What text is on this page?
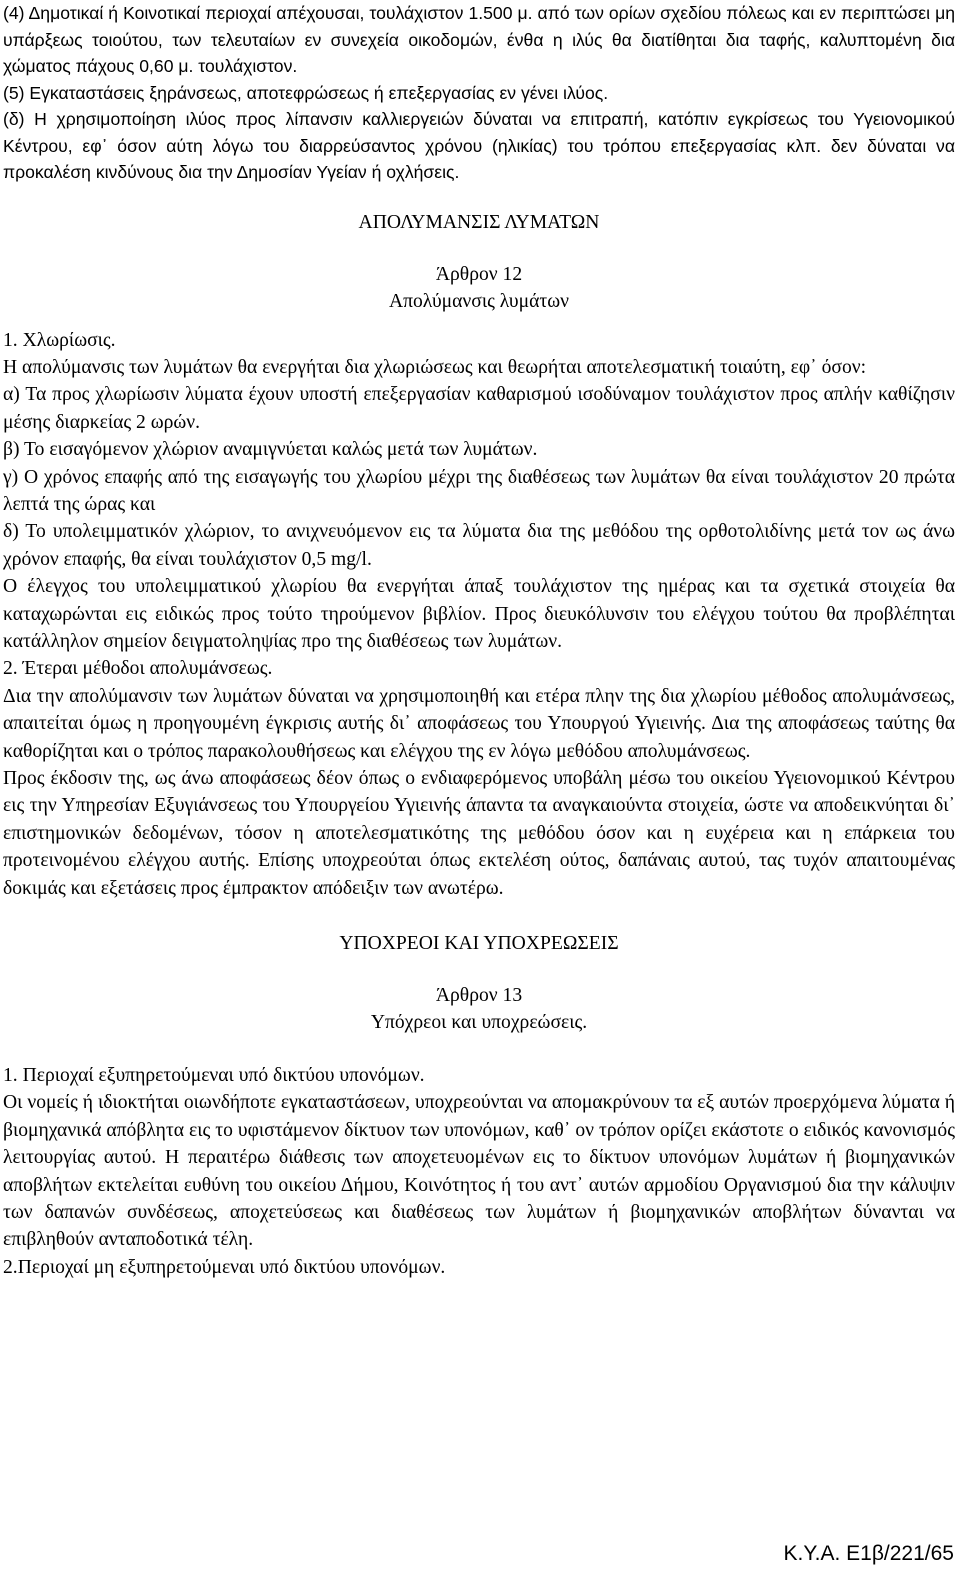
(4) Δημοτικαί ή Κοινοτικαί περιοχαί απέχουσαι, τουλάχιστον 1.500 μ. από των ορίων σχεδίου πόλεως και εν περιπτώσει μη υπάρξεως τοιούτου, των τελευταίων εν συνεχεία οικοδομών, ένθα η ιλύς θα διατίθηται δια ταφής, καλυπτομένη δια χώματος πάχους 0,60 μ. τουλάχιστον.

(5) Εγκαταστάσεις ξηράνσεως, αποτεφρώσεως ή επεξεργασίας εν γένει ιλύος.

(δ) Η χρησιμοποίηση ιλύος προς λίπανσιν καλλιεργειών δύναται να επιτραπή, κατόπιν εγκρίσεως του Υγειονομικού Κέντρου, εφ᾽ όσον αύτη λόγω του διαρρεύσαντος χρόνου (ηλικίας) του τρόπου επεξεργασίας κλπ. δεν δύναται να προκαλέση κινδύνους δια την Δημοσίαν Υγείαν ή οχλήσεις.

ΑΠΟΛΥΜΑΝΣΙΣ ΛΥΜΑΤΩΝ
Άρθρον 12
Απολύμανσις λυμάτων

1. Χλωρίωσις.

Η απολύμανσις των λυμάτων θα ενεργήται δια χλωριώσεως και θεωρήται αποτελεσματική τοιαύτη, εφ᾽ όσον:

α) Τα προς χλωρίωσιν λύματα έχουν υποστή επεξεργασίαν καθαρισμού ισοδύναμον τουλάχιστον προς απλήν καθίζησιν μέσης διαρκείας 2 ωρών.

β) Το εισαγόμενον χλώριον αναμιγνύεται καλώς μετά των λυμάτων.

γ) Ο χρόνος επαφής από της εισαγωγής του χλωρίου μέχρι της διαθέσεως των λυμάτων θα είναι τουλάχιστον 20 πρώτα λεπτά της ώρας και

δ) Το υπολειμματικόν χλώριον, το ανιχνευόμενον εις τα λύματα δια της μεθόδου της ορθοτολιδίνης μετά τον ως άνω χρόνον επαφής, θα είναι τουλάχιστον 0,5 mg/l.

Ο έλεγχος του υπολειμματικού χλωρίου θα ενεργήται άπαξ τουλάχιστον της ημέρας και τα σχετικά στοιχεία θα καταχωρώνται εις ειδικώς προς τούτο τηρούμενον βιβλίον. Προς διευκόλυνσιν του ελέγχου τούτου θα προβλέπηται κατάλληλον σημείον δειγματοληψίας προ της διαθέσεως των λυμάτων.

2. Έτεραι μέθοδοι απολυμάνσεως.

Δια την απολύμανσιν των λυμάτων δύναται να χρησιμοποιηθή και ετέρα πλην της δια χλωρίου μέθοδος απολυμάνσεως, απαιτείται όμως η προηγουμένη έγκρισις αυτής δι᾽ αποφάσεως του Υπουργού Υγιεινής. Δια της αποφάσεως ταύτης θα καθορίζηται και ο τρόπος παρακολουθήσεως και ελέγχου της εν λόγω μεθόδου απολυμάνσεως.

Προς έκδοσιν της, ως άνω αποφάσεως δέον όπως ο ενδιαφερόμενος υποβάλη μέσω του οικείου Υγειονομικού Κέντρου εις την Υπηρεσίαν Εξυγιάνσεως του Υπουργείου Υγιεινής άπαντα τα αναγκαιούντα στοιχεία, ώστε να αποδεικνύηται δι᾽ επιστημονικών δεδομένων, τόσον η αποτελεσματικότης της μεθόδου όσον και η ευχέρεια και η επάρκεια του προτεινομένου ελέγχου αυτής. Επίσης υποχρεούται όπως εκτελέση ούτος, δαπάναις αυτού, τας τυχόν απαιτουμένας δοκιμάς και εξετάσεις προς έμπρακτον απόδειξιν των ανωτέρω.

ΥΠΟΧΡΕΟΙ ΚΑΙ ΥΠΟΧΡΕΩΣΕΙΣ
Άρθρον 13
Υπόχρεοι και υποχρεώσεις.

1. Περιοχαί εξυπηρετούμεναι υπό δικτύου υπονόμων.

Οι νομείς ή ιδιοκτήται οιωνδήποτε εγκαταστάσεων, υποχρεούνται να απομακρύνουν τα εξ αυτών προερχόμενα λύματα ή βιομηχανικά απόβλητα εις το υφιστάμενον δίκτυον των υπονόμων, καθ᾽ ον τρόπον ορίζει εκάστοτε ο ειδικός κανονισμός λειτουργίας αυτού. Η περαιτέρω διάθεσις των αποχετευομένων εις το δίκτυον υπονόμων λυμάτων ή βιομηχανικών αποβλήτων εκτελείται ευθύνη του οικείου Δήμου, Κοινότητος ή του αντ᾽ αυτών αρμοδίου Οργανισμού δια την κάλυψιν των δαπανών συνδέσεως, αποχετεύσεως και διαθέσεως των λυμάτων ή βιομηχανικών αποβλήτων δύνανται να επιβληθούν ανταποδοτικά τέλη.

2.Περιοχαί μη εξυπηρετούμεναι υπό δικτύου υπονόμων.

Κ.Υ.Α. Ε1β/221/65
